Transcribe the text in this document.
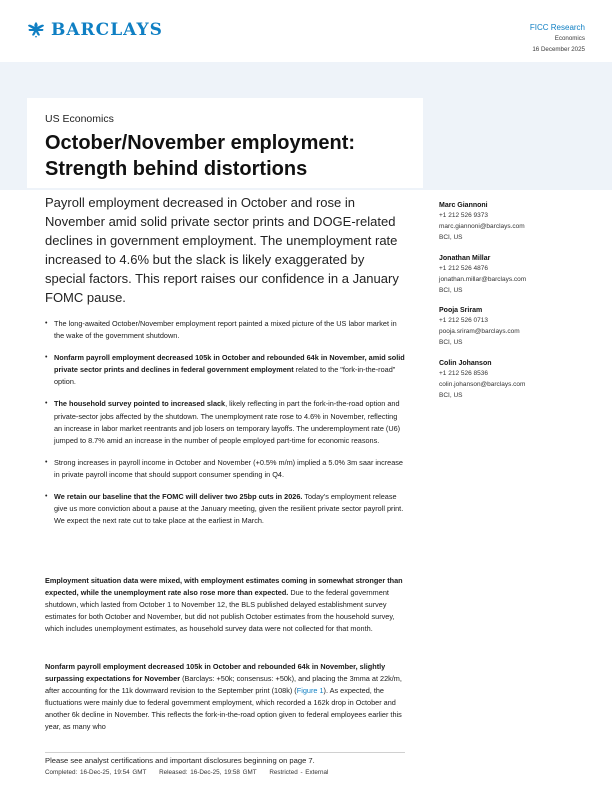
BARCLAYS	FICC Research
Economics
16 December 2025
US Economics
October/November employment: Strength behind distortions

Payroll employment decreased in October and rose in November amid solid private sector prints and DOGE-related declines in government employment. The unemployment rate increased to 4.6% but the slack is likely exaggerated by special factors. This report raises our confidence in a January FOMC pause.

• The long-awaited October/November employment report painted a mixed picture of the US labor market in the wake of the government shutdown.
• Nonfarm payroll employment decreased 105k in October and rebounded 64k in November, amid solid private sector prints and declines in federal government employment related to the "fork-in-the-road" option.
• The household survey pointed to increased slack, likely reflecting in part the fork-in-the-road option and private-sector jobs affected by the shutdown. The unemployment rate rose to 4.6% in November, reflecting an increase in labor market reentrants and job losers on temporary layoffs. The underemployment rate (U6) jumped to 8.7% amid an increase in the number of people employed part-time for economic reasons.
• Strong increases in payroll income in October and November (+0.5% m/m) implied a 5.0% 3m saar increase in private payroll income that should support consumer spending in Q4.
• We retain our baseline that the FOMC will deliver two 25bp cuts in 2026. Today's employment release give us more conviction about a pause at the January meeting, given the resilient private sector payroll print. We expect the next rate cut to take place at the earliest in March.

Employment situation data were mixed, with employment estimates coming in somewhat stronger than expected, while the unemployment rate also rose more than expected. Due to the federal government shutdown, which lasted from October 1 to November 12, the BLS published delayed establishment survey estimates for both October and November, but did not publish October estimates from the household survey, which includes unemployment estimates, as household survey data were not collected for that month.

Nonfarm payroll employment decreased 105k in October and rebounded 64k in November, slightly surpassing expectations for November (Barclays: +50k; consensus: +50k), and placing the 3mma at 22k/m, after accounting for the 11k downward revision to the September print (108k) (Figure 1). As expected, the fluctuations were mainly due to federal government employment, which recorded a 162k drop in October and another 6k decline in November. This reflects the fork-in-the-road option given to federal employees earlier this year, as many who

Marc Giannoni
+1 212 526 9373
marc.giannoni@barclays.com
BCI, US
Jonathan Millar
+1 212 526 4876
jonathan.millar@barclays.com
BCI, US
Pooja Sriram
+1 212 526 0713
pooja.sriram@barclays.com
BCI, US
Colin Johanson
+1 212 526 8536
colin.johanson@barclays.com
BCI, US
Please see analyst certifications and important disclosures beginning on page 7.
Completed: 16-Dec-25, 19:54 GMT Released: 16-Dec-25, 19:58 GMT Restricted - External
